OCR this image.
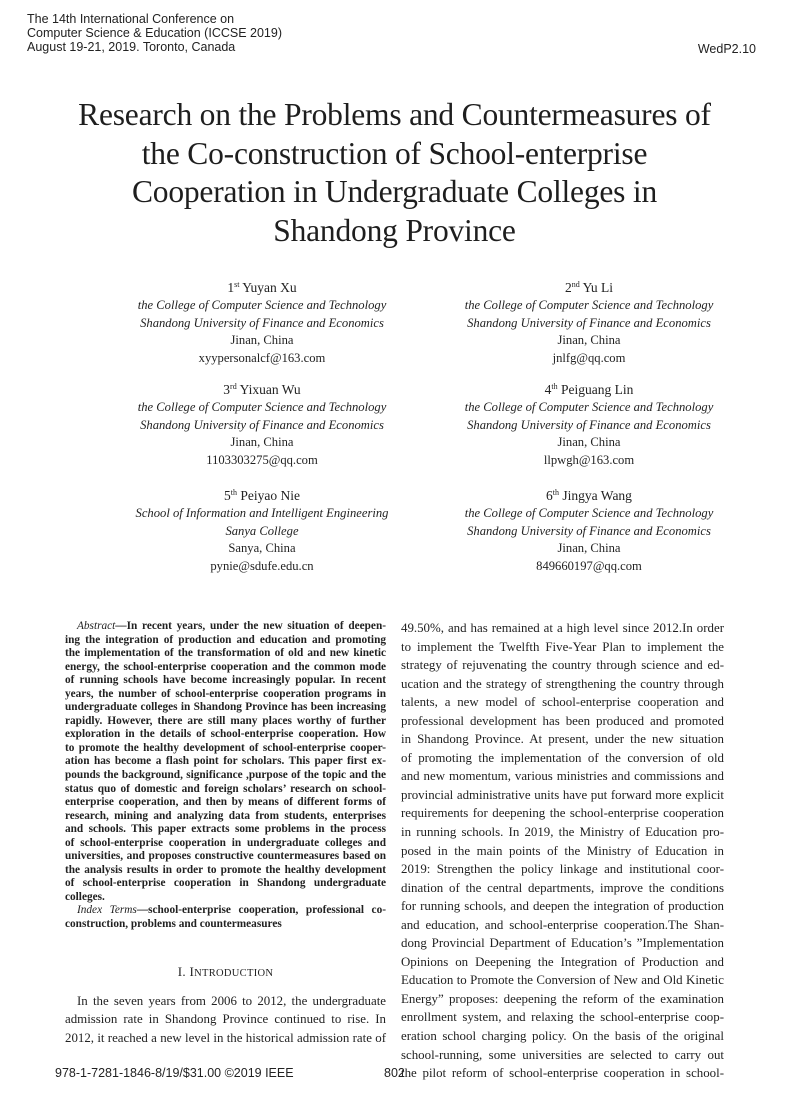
The 14th International Conference on
Computer Science & Education (ICCSE 2019)
August 19-21, 2019. Toronto, Canada	WedP2.10
Research on the Problems and Countermeasures of
the Co-construction of School-enterprise
Cooperation in Undergraduate Colleges in
Shandong Province
1st Yuyan Xu
the College of Computer Science and Technology
Shandong University of Finance and Economics
Jinan, China
xyypersonalcf@163.com
2nd Yu Li
the College of Computer Science and Technology
Shandong University of Finance and Economics
Jinan, China
jnlfg@qq.com
3rd Yixuan Wu
the College of Computer Science and Technology
Shandong University of Finance and Economics
Jinan, China
1103303275@qq.com
4th Peiguang Lin
the College of Computer Science and Technology
Shandong University of Finance and Economics
Jinan, China
llpwgh@163.com
5th Peiyao Nie
School of Information and Intelligent Engineering
Sanya College
Sanya, China
pynie@sdufe.edu.cn
6th Jingya Wang
the College of Computer Science and Technology
Shandong University of Finance and Economics
Jinan, China
849660197@qq.com
Abstract—In recent years, under the new situation of deepen-
ing the integration of production and education and promoting
the implementation of the transformation of old and new kinetic
energy, the school-enterprise cooperation and the common mode
of running schools have become increasingly popular. In recent
years, the number of school-enterprise cooperation programs in
undergraduate colleges in Shandong Province has been increasing
rapidly. However, there are still many places worthy of further
exploration in the details of school-enterprise cooperation. How
to promote the healthy development of school-enterprise cooper-
ation has become a flash point for scholars. This paper first ex-
pounds the background, significance ,purpose of the topic and the
status quo of domestic and foreign scholars’ research on school-
enterprise cooperation, and then by means of different forms of
research, mining and analyzing data from students, enterprises
and schools. This paper extracts some problems in the process
of school-enterprise cooperation in undergraduate colleges and
universities, and proposes constructive countermeasures based on
the analysis results in order to promote the healthy development
of school-enterprise cooperation in Shandong undergraduate
colleges.
Index Terms—school-enterprise cooperation, professional co-
construction, problems and countermeasures
I. INTRODUCTION
In the seven years from 2006 to 2012, the undergraduate
admission rate in Shandong Province continued to rise. In
2012, it reached a new level in the historical admission rate of
49.50%, and has remained at a high level since 2012.In order
to implement the Twelfth Five-Year Plan to implement the
strategy of rejuvenating the country through science and ed-
ucation and the strategy of strengthening the country through
talents, a new model of school-enterprise cooperation and
professional development has been produced and promoted
in Shandong Province. At present, under the new situation
of promoting the implementation of the conversion of old
and new momentum, various ministries and commissions and
provincial administrative units have put forward more explicit
requirements for deepening the school-enterprise cooperation
in running schools. In 2019, the Ministry of Education pro-
posed in the main points of the Ministry of Education in
2019: Strengthen the policy linkage and institutional coor-
dination of the central departments, improve the conditions
for running schools, and deepen the integration of production
and education, and school-enterprise cooperation.The Shan-
dong Provincial Department of Education’s ”Implementation
Opinions on Deepening the Integration of Production and
Education to Promote the Conversion of New and Old Kinetic
Energy” proposes: deepening the reform of the examination
enrollment system, and relaxing the school-enterprise coop-
eration school charging policy. On the basis of the original
school-running, some universities are selected to carry out
the pilot reform of school-enterprise cooperation in school-
978-1-7281-1846-8/19/$31.00 ©2019 IEEE	802
